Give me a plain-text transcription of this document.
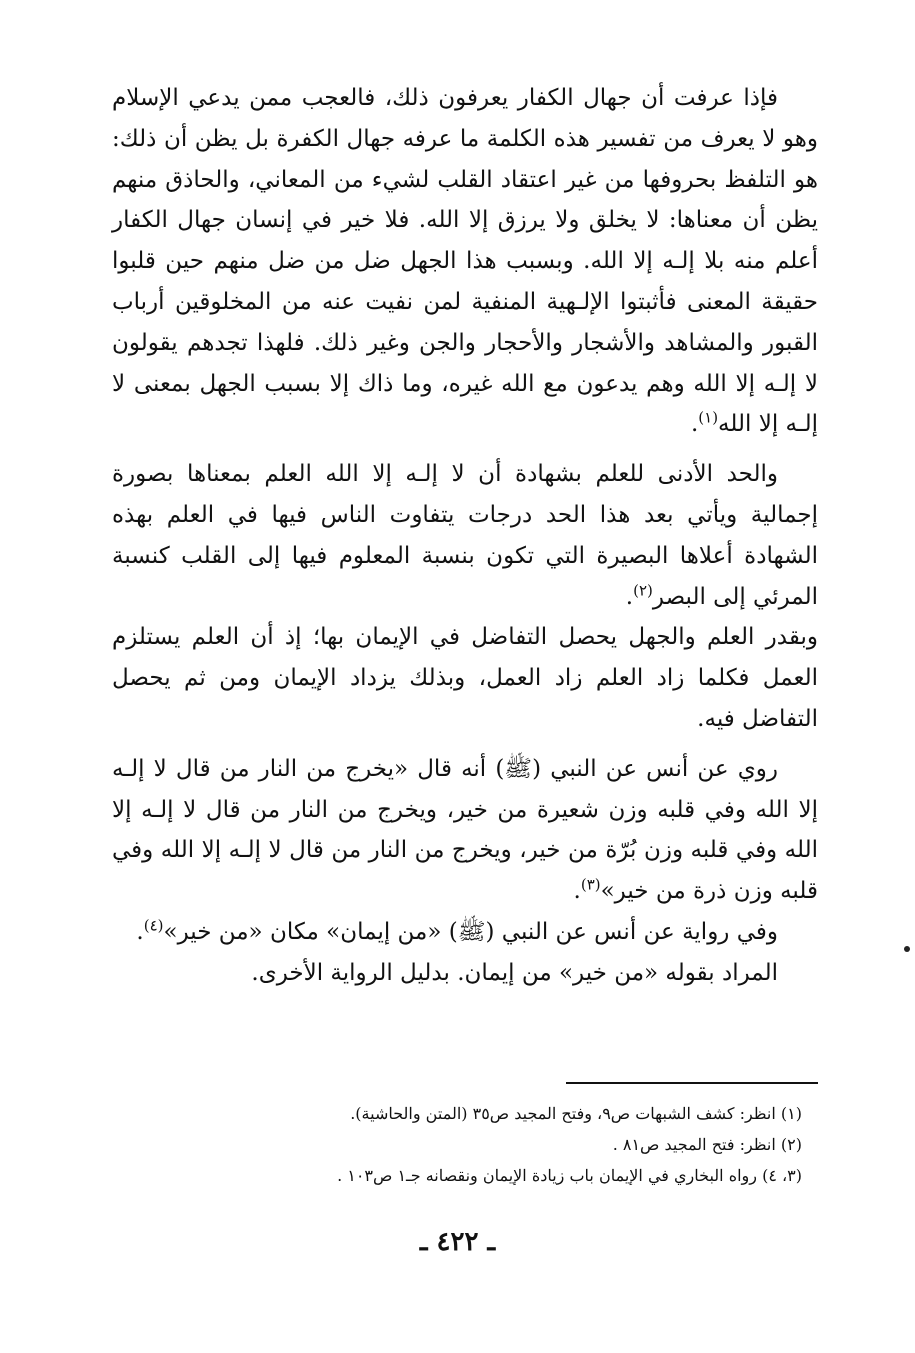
فإذا عرفت أن جهال الكفار يعرفون ذلك، فالعجب ممن يدعي الإسلام وهو لا يعرف من تفسير هذه الكلمة ما عرفه جهال الكفرة بل يظن أن ذلك: هو التلفظ بحروفها من غير اعتقاد القلب لشيء من المعاني، والحاذق منهم يظن أن معناها: لا يخلق ولا يرزق إلا الله. فلا خير في إنسان جهال الكفار أعلم منه بلا إلـه إلا الله. وبسبب هذا الجهل ضل من ضل منهم حين قلبوا حقيقة المعنى فأثبتوا الإلـهية المنفية لمن نفيت عنه من المخلوقين أرباب القبور والمشاهد والأشجار والأحجار والجن وغير ذلك. فلهذا تجدهم يقولون لا إلـه إلا الله وهم يدعون مع الله غيره، وما ذاك إلا بسبب الجهل بمعنى لا إلـه إلا الله$^{(١)}$.

والحد الأدنى للعلم بشهادة أن لا إلـه إلا الله العلم بمعناها بصورة إجمالية ويأتي بعد هذا الحد درجات يتفاوت الناس فيها في العلم بهذه الشهادة أعلاها البصيرة التي تكون بنسبة المعلوم فيها إلى القلب كنسبة المرئي إلى البصر$^{(٢)}$.

وبقدر العلم والجهل يحصل التفاضل في الإيمان بها؛ إذ أن العلم يستلزم العمل فكلما زاد العلم زاد العمل، وبذلك يزداد الإيمان ومن ثم يحصل التفاضل فيه.

روي عن أنس عن النبي (ﷺ) أنه قال «يخرج من النار من قال لا إلـه إلا الله وفي قلبه وزن شعيرة من خير، ويخرج من النار من قال لا إلـه إلا الله وفي قلبه وزن بُرّة من خير، ويخرج من النار من قال لا إلـه إلا الله وفي قلبه وزن ذرة من خير»$^{(٣)}$.

وفي رواية عن أنس عن النبي (ﷺ) «من إيمان» مكان «من خير»$^{(٤)}$.

المراد بقوله «من خير» من إيمان. بدليل الرواية الأخرى.

(١) انظر: كشف الشبهات ص٩، وفتح المجيد ص٣٥ (المتن والحاشية).

(٢) انظر: فتح المجيد ص٨١ .

(٣، ٤) رواه البخاري في الإيمان باب زيادة الإيمان ونقصانه جـ١ ص١٠٣ .

ـ ٤٢٢ ـ
